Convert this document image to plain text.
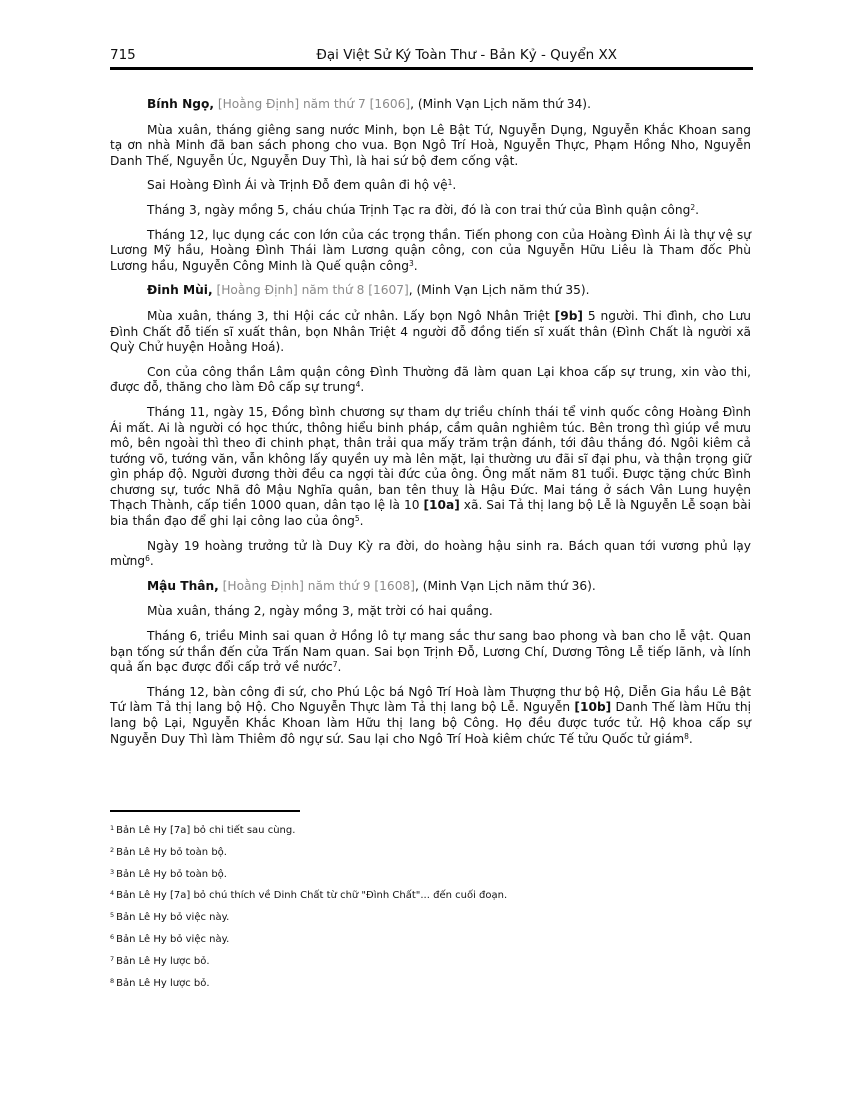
715	Đại Việt Sử Ký Toàn Thư - Bản Kỷ - Quyển XX

Bính Ngọ, [Hoằng Định] năm thứ 7 [1606], (Minh Vạn Lịch năm thứ 34).

Mùa xuân, tháng giêng sang nước Minh, bọn Lê Bật Tứ, Nguyễn Dụng, Nguyễn Khắc Khoan sang tạ ơn nhà Minh đã ban sách phong cho vua. Bọn Ngô Trí Hoà, Nguyễn Thực, Phạm Hồng Nho, Nguyễn Danh Thế, Nguyễn Úc, Nguyễn Duy Thì, là hai sứ bộ đem cống vật.

Sai Hoàng Đình Ái và Trịnh Đỗ đem quân đi hộ vệ$^1$.

Tháng 3, ngày mồng 5, cháu chúa Trịnh Tạc ra đời, đó là con trai thứ của Bình quận công$^2$.

Tháng 12, lục dụng các con lớn của các trọng thần. Tiến phong con của Hoàng Đình Ái là thự vệ sự Lương Mỹ hầu, Hoàng Đình Thái làm Lương quận công, con của Nguyễn Hữu Liêu là Tham đốc Phù Lương hầu, Nguyễn Công Minh là Quế quận công$^3$.

Đinh Mùi, [Hoằng Định] năm thứ 8 [1607], (Minh Vạn Lịch năm thứ 35).

Mùa xuân, tháng 3, thi Hội các cử nhân. Lấy bọn Ngô Nhân Triệt [9b] 5 người. Thi đình, cho Lưu Đình Chất đỗ tiến sĩ xuất thân, bọn Nhân Triệt 4 người đỗ đồng tiến sĩ xuất thân (Đình Chất là người xã Quỳ Chử huyện Hoằng Hoá).

Con của công thần Lâm quận công Đình Thường đã làm quan Lại khoa cấp sự trung, xin vào thi, được đỗ, thăng cho làm Đô cấp sự trung$^4$.

Tháng 11, ngày 15, Đồng bình chương sự tham dự triều chính thái tể vinh quốc công Hoàng Đình Ái mất. Ai là người có học thức, thông hiểu binh pháp, cầm quân nghiêm túc. Bên trong thì giúp về mưu mô, bên ngoài thì theo đi chinh phạt, thân trải qua mấy trăm trận đánh, tới đâu thắng đó. Ngôi kiêm cả tướng võ, tướng văn, vẫn không lấy quyền uy mà lên mặt, lại thường ưu đãi sĩ đại phu, và thận trọng giữ gìn pháp độ. Người đương thời đều ca ngợi tài đức của ông. Ông mất năm 81 tuổi. Được tặng chức Bình chương sự, tước Nhã đô Mậu Nghĩa quân, ban tên thuỵ là Hậu Đức. Mai táng ở sách Vân Lung huyện Thạch Thành, cấp tiền 1000 quan, dân tạo lệ là 10 [10a] xã. Sai Tả thị lang bộ Lễ là Nguyễn Lễ soạn bài bia thần đạo để ghi lại công lao của ông$^5$.

Ngày 19 hoàng trưởng tử là Duy Kỳ ra đời, do hoàng hậu sinh ra. Bách quan tới vương phủ lạy mừng$^6$.

Mậu Thân, [Hoằng Định] năm thứ 9 [1608], (Minh Vạn Lịch năm thứ 36).

Mùa xuân, tháng 2, ngày mồng 3, mặt trời có hai quầng.

Tháng 6, triều Minh sai quan ở Hồng lô tự mang sắc thư sang bao phong và ban cho lễ vật. Quan bạn tống sứ thần đến cửa Trấn Nam quan. Sai bọn Trịnh Đỗ, Lương Chí, Dương Tông Lễ tiếp lãnh, và lính quả ấn bạc được đổi cấp trở về nước$^7$.

Tháng 12, bàn công đi sứ, cho Phú Lộc bá Ngô Trí Hoà làm Thượng thư bộ Hộ, Diễn Gia hầu Lê Bật Tứ làm Tả thị lang bộ Hộ. Cho Nguyễn Thực làm Tả thị lang bộ Lễ. Nguyễn [10b] Danh Thế làm Hữu thị lang bộ Lại, Nguyễn Khắc Khoan làm Hữu thị lang bộ Công. Họ đều được tước tử. Hộ khoa cấp sự Nguyễn Duy Thì làm Thiêm đô ngự sứ. Sau lại cho Ngô Trí Hoà kiêm chức Tế tửu Quốc tử giám$^8$.

$^1$ Bản Lê Hy [7a] bỏ chi tiết sau cùng.
$^2$ Bản Lê Hy bỏ toàn bộ.
$^3$ Bản Lê Hy bỏ toàn bộ.
$^4$ Bản Lê Hy [7a] bỏ chú thích về Dinh Chất từ chữ "Đình Chất"... đến cuối đoạn.
$^5$ Bản Lê Hy bỏ việc này.
$^6$ Bản Lê Hy bỏ việc này.
$^7$ Bản Lê Hy lược bỏ.
$^8$ Bản Lê Hy lược bỏ.
